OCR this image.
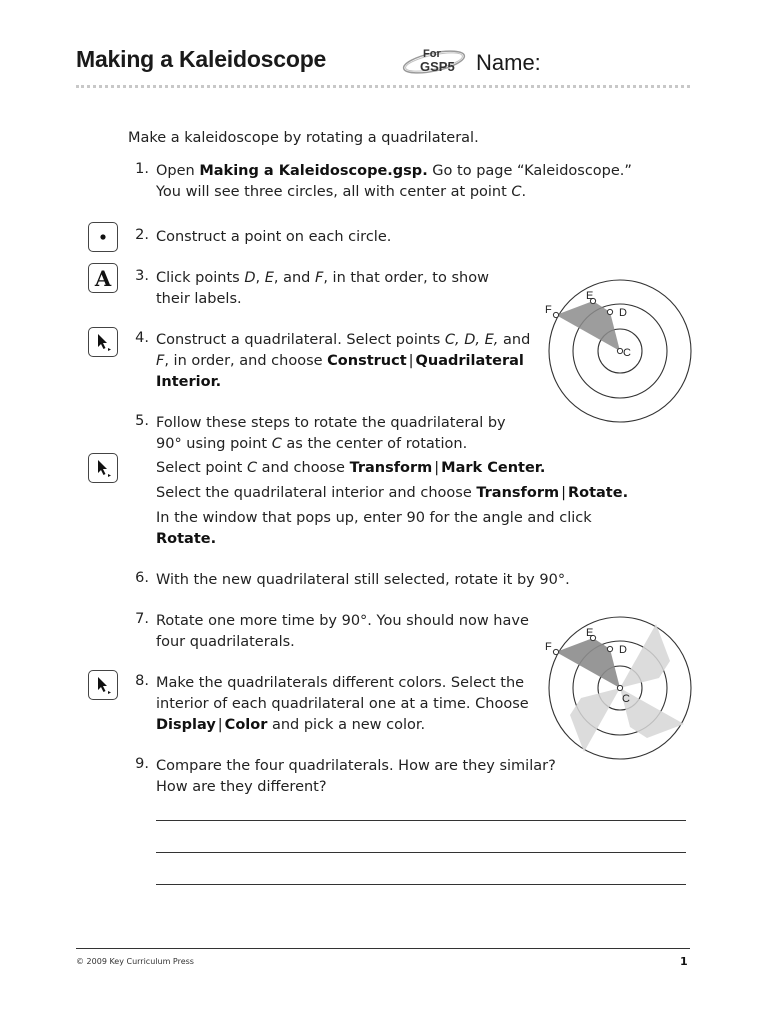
Making a Kaleidoscope	For
GSP5 Name:
Make a kaleidoscope by rotating a quadrilateral.
1. Open Making a Kaleidoscope.gsp. Go to page “Kaleidoscope.”
You will see three circles, all with center at point C.
2. Construct a point on each circle.
A	3. Click points D, E, and F, in that order, to show
their labels.
4. Construct a quadrilateral. Select points C, D, E, and
F, in order, and choose Construct | Quadrilateral
Interior.
5. Follow these steps to rotate the quadrilateral by
90° using point C as the center of rotation.
Select point C and choose Transform | Mark Center.
Select the quadrilateral interior and choose Transform | Rotate.
In the window that pops up, enter 90 for the angle and click
Rotate.
6. With the new quadrilateral still selected, rotate it by 90°.
7. Rotate one more time by 90°. You should now have
four quadrilaterals.
8. Make the quadrilaterals different colors. Select the
interior of each quadrilateral one at a time. Choose
Display | Color and pick a new color.
9. Compare the four quadrilaterals. How are they similar?
How are they different?
F
E
D
C
F
E
D
C
© 2009 Key Curriculum Press	1
